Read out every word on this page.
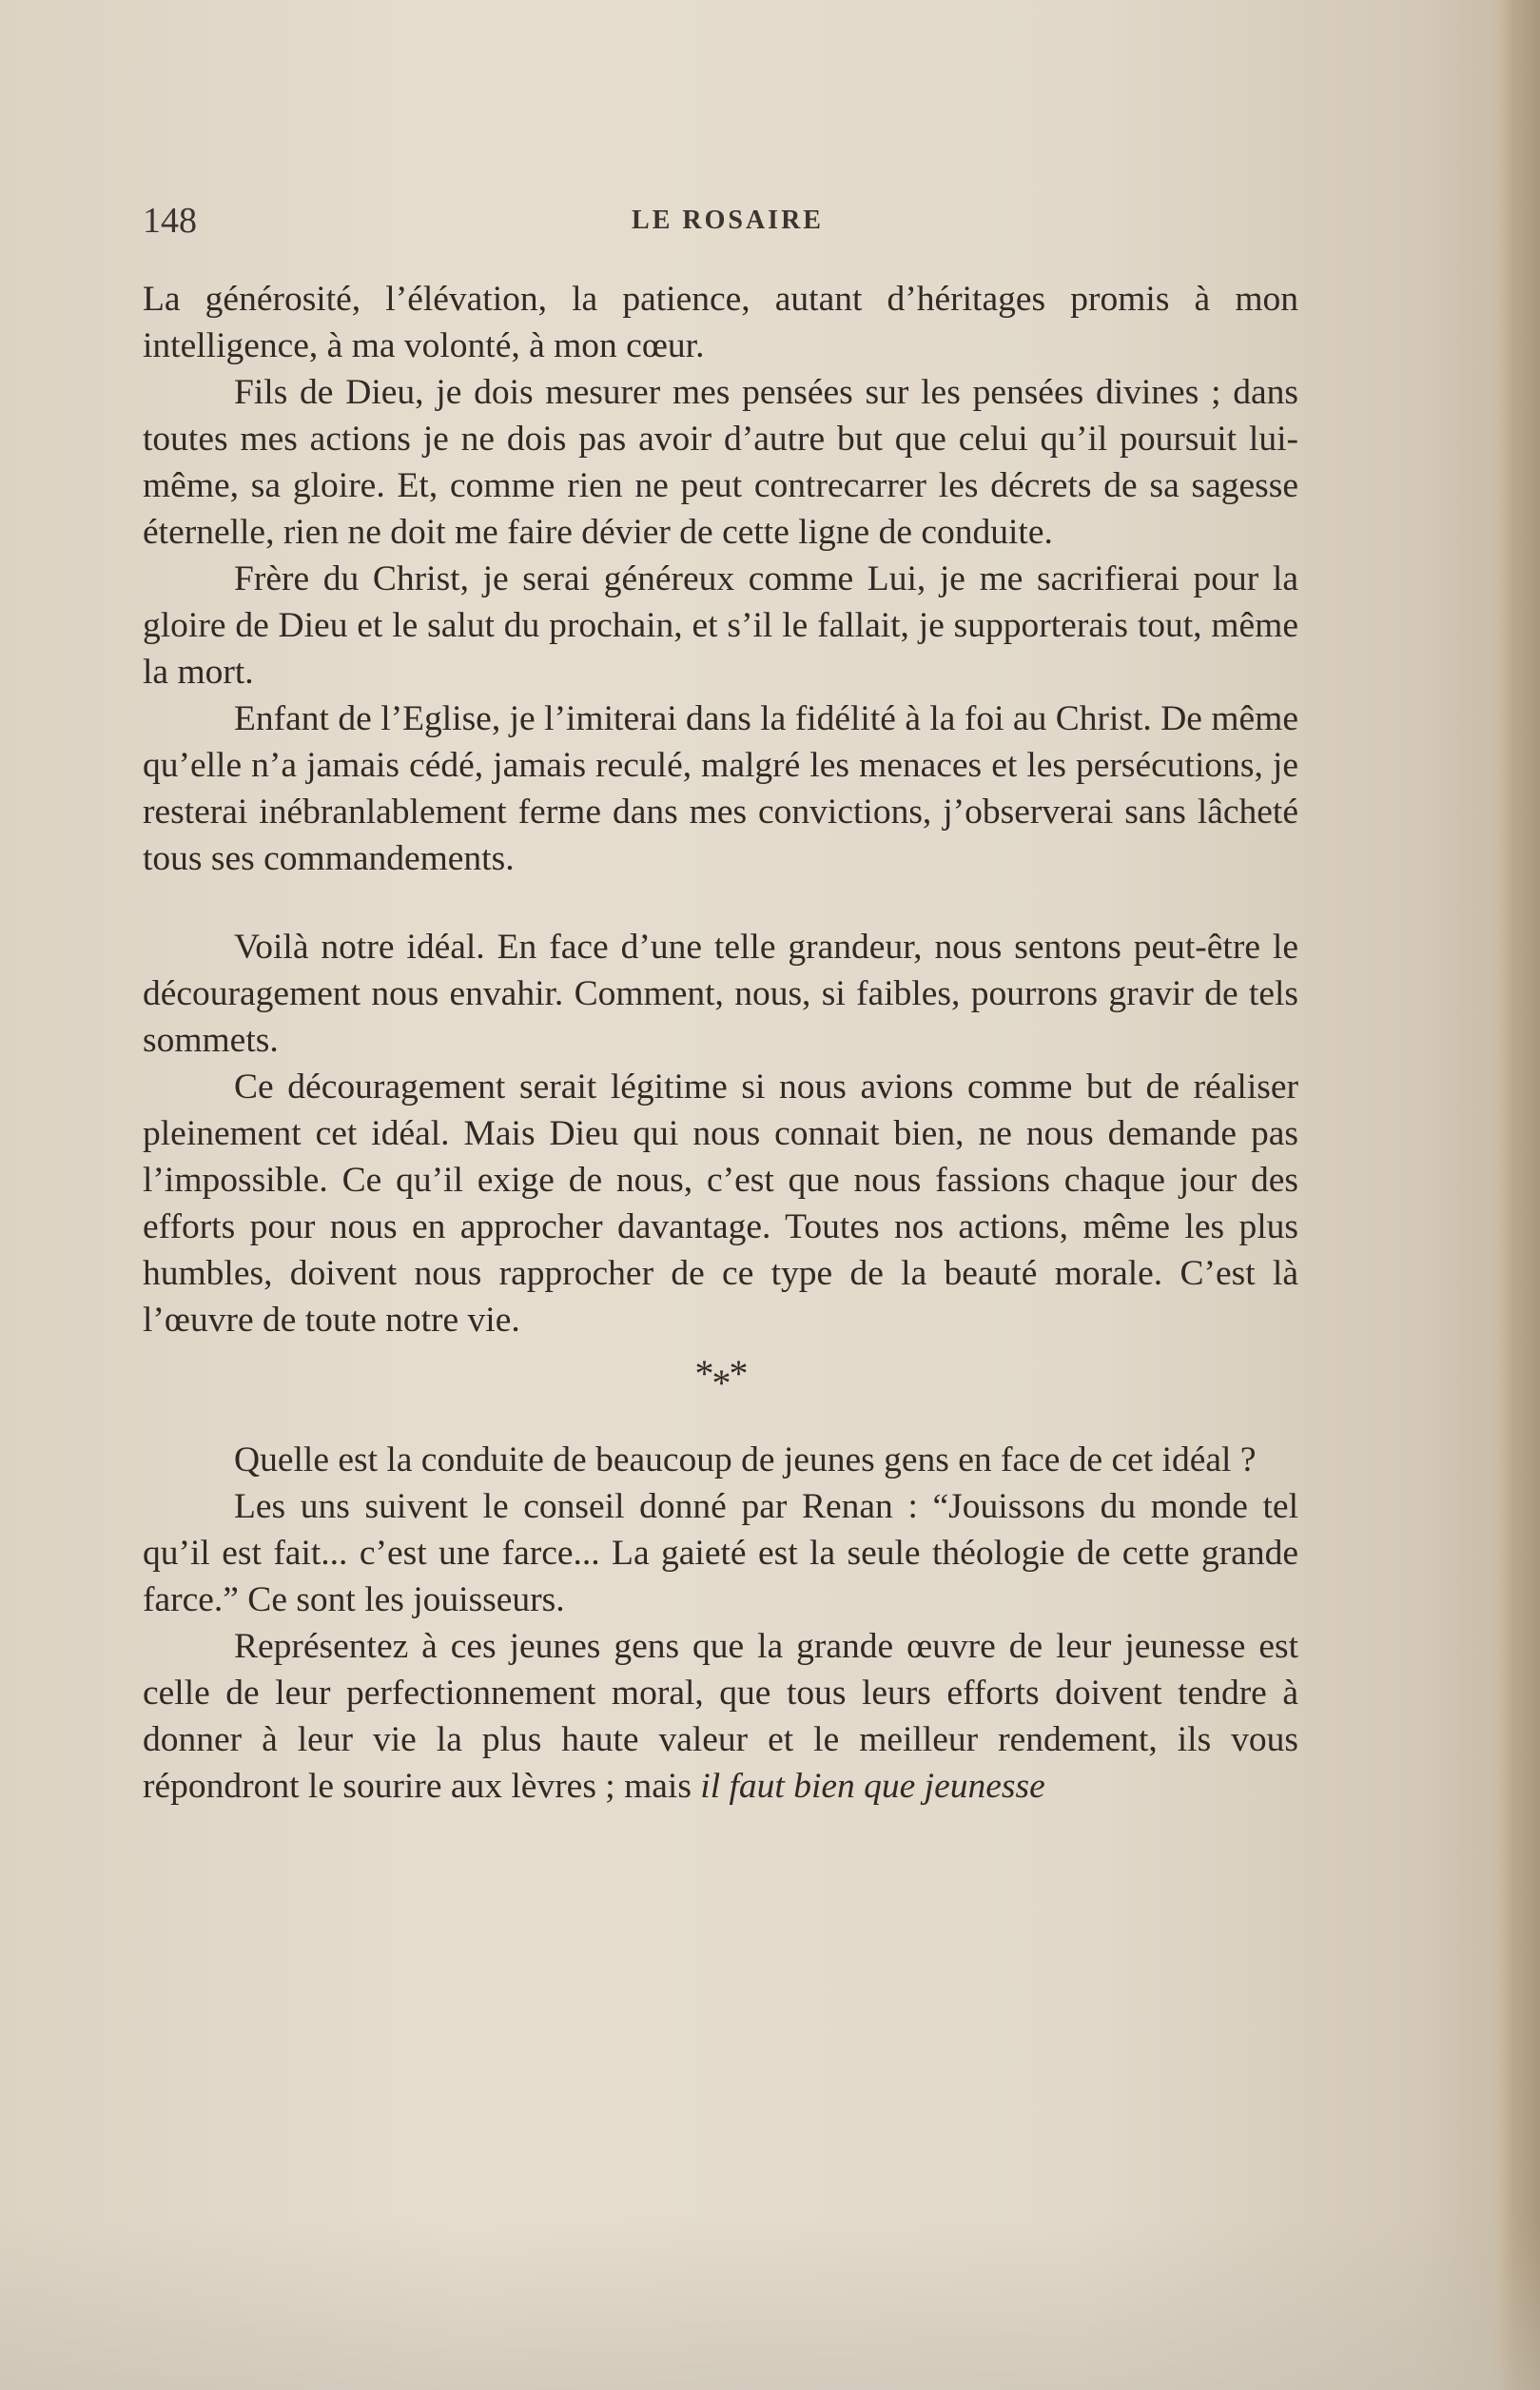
148	LE ROSAIRE

La générosité, l’élévation, la patience, autant d’héritages promis à mon intelligence, à ma volonté, à mon cœur.

Fils de Dieu, je dois mesurer mes pensées sur les pensées divines ; dans toutes mes actions je ne dois pas avoir d’autre but que celui qu’il poursuit lui-même, sa gloire. Et, comme rien ne peut contrecarrer les décrets de sa sagesse éternelle, rien ne doit me faire dévier de cette ligne de conduite.

Frère du Christ, je serai généreux comme Lui, je me sacrifierai pour la gloire de Dieu et le salut du prochain, et s’il le fallait, je supporterais tout, même la mort.

Enfant de l’Eglise, je l’imiterai dans la fidélité à la foi au Christ. De même qu’elle n’a jamais cédé, jamais reculé, malgré les menaces et les persécutions, je resterai inébranlablement ferme dans mes convictions, j’observerai sans lâcheté tous ses commandements.

Voilà notre idéal. En face d’une telle grandeur, nous sentons peut-être le découragement nous envahir. Comment, nous, si faibles, pourrons gravir de tels sommets.

Ce découragement serait légitime si nous avions comme but de réaliser pleinement cet idéal. Mais Dieu qui nous connait bien, ne nous demande pas l’impossible. Ce qu’il exige de nous, c’est que nous fassions chaque jour des efforts pour nous en approcher davantage. Toutes nos actions, même les plus humbles, doivent nous rapprocher de ce type de la beauté morale. C’est là l’œuvre de toute notre vie.

***

Quelle est la conduite de beaucoup de jeunes gens en face de cet idéal ?

Les uns suivent le conseil donné par Renan : “Jouissons du monde tel qu’il est fait... c’est une farce... La gaieté est la seule théologie de cette grande farce.” Ce sont les jouisseurs.

Représentez à ces jeunes gens que la grande œuvre de leur jeunesse est celle de leur perfectionnement moral, que tous leurs efforts doivent tendre à donner à leur vie la plus haute valeur et le meilleur rendement, ils vous répondront le sourire aux lèvres ; mais il faut bien que jeunesse
